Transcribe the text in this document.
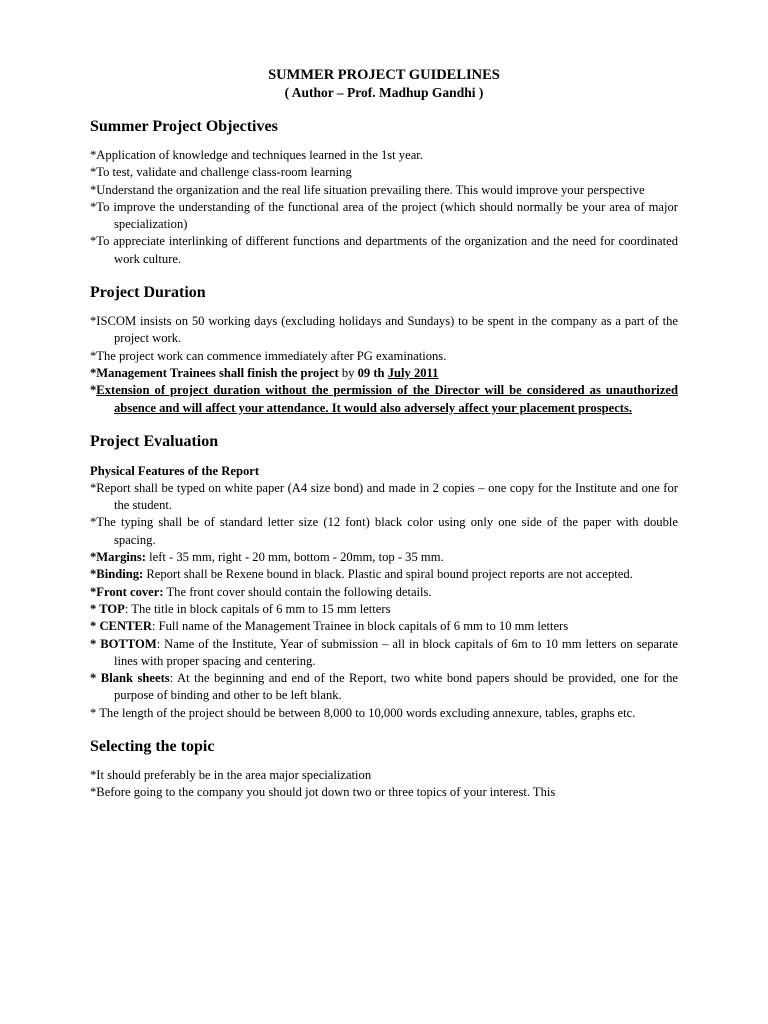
SUMMER PROJECT GUIDELINES

( Author – Prof. Madhup Gandhi )

Summer Project Objectives

*Application of knowledge and techniques learned in the 1st year.

*To test, validate and challenge class-room learning

*Understand the organization and the real life situation prevailing there. This would improve your perspective

*To improve the understanding of the functional area of the project (which should normally be your area of major specialization)

*To appreciate interlinking of different functions and departments of the organization and the need for coordinated work culture.

Project Duration

*ISCOM insists on 50 working days (excluding holidays and Sundays) to be spent in the company as a part of the project work.

*The project work can commence immediately after PG examinations.

*Management Trainees shall finish the project by 09 th July 2011

*Extension of project duration without the permission of the Director will be considered as unauthorized absence and will affect your attendance. It would also adversely affect your placement prospects.

Project Evaluation

Physical Features of the Report

*Report shall be typed on white paper (A4 size bond) and made in 2 copies – one copy for the Institute and one for the student.

*The typing shall be of standard letter size (12 font) black color using only one side of the paper with double spacing.

*Margins: left - 35 mm, right - 20 mm, bottom - 20mm, top - 35 mm.

*Binding: Report shall be Rexene bound in black. Plastic and spiral bound project reports are not accepted.

*Front cover: The front cover should contain the following details.

* TOP: The title in block capitals of 6 mm to 15 mm letters

* CENTER: Full name of the Management Trainee in block capitals of 6 mm to 10 mm letters

* BOTTOM: Name of the Institute, Year of submission – all in block capitals of 6m to 10 mm letters on separate lines with proper spacing and centering.

* Blank sheets: At the beginning and end of the Report, two white bond papers should be provided, one for the purpose of binding and other to be left blank.

* The length of the project should be between 8,000 to 10,000 words excluding annexure, tables, graphs etc.

Selecting the topic

*It should preferably be in the area major specialization

*Before going to the company you should jot down two or three topics of your interest. This
